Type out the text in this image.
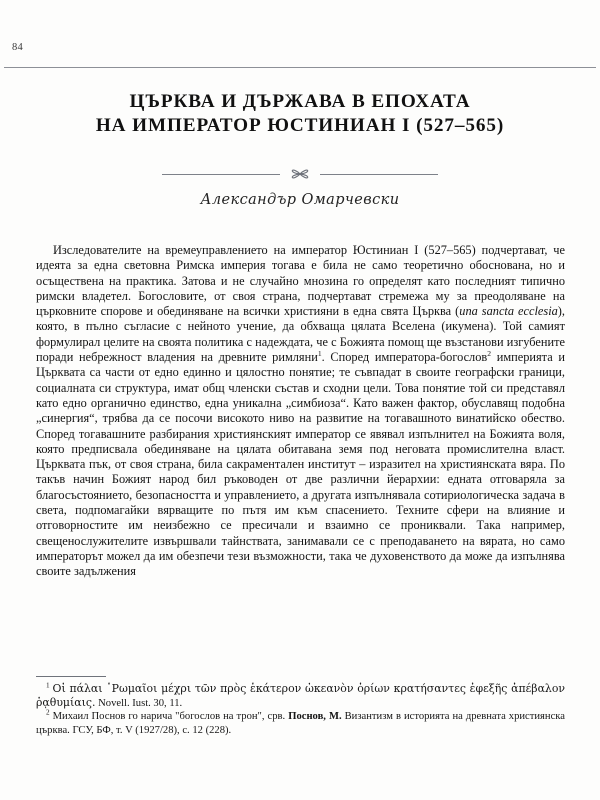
84
ЦЪРКВА И ДЪРЖАВА В ЕПОХАТА
НА ИМПЕРАТОР ЮСТИНИАН I (527–565)
Александър Омарчевски

Изследователите на времеуправлението на император Юстиниан I (527–565) подчертават, че идеята за една световна Римска империя тогава е била не само теоретично обоснована, но и осъществена на практика. Затова и не случайно мнозина го определят като последният типично римски владетел. Богословите, от своя страна, подчертават стремежа му за преодоляване на църковните спорове и обединяване на всички християни в една свята Църква (una sancta ecclesia), която, в пълно съгласие с нейното учение, да обхваща цялата Вселена (икумена). Той самият формулирал целите на своята политика с надеждата, че с Божията помощ ще възстанови изгубените поради небрежност владения на древните римляни$^1$. Според императора-богослов$^2$ империята и Църквата са части от едно единно и цялостно понятие; те съвпадат в своите географски граници, социалната си структура, имат общ членски състав и сходни цели. Това понятие той си представял като едно органично единство, една уникална „симбиоза“. Като важен фактор, обуславящ подобна „синергия“, трябва да се посочи високото ниво на развитие на тогавашното винатийско обество. Според тогавашните разбирания християнският император се явявал изпълнител на Божията воля, която предписвала обединяване на цялата обитавана земя под неговата промислителна власт. Църквата пък, от своя страна, била сакраментален институт – изразител на християнската вяра. По такъв начин Божият народ бил ръководен от две различни йерархии: едната отговаряла за благосъстоянието, безопасността и управлението, а другата изпълнявала сотириологическа задача в света, подпомагайки вярващите по пътя им към спасението. Техните сфери на влияние и отговорностите им неизбежно се пресичали и взаимно се прониквали. Така например, свещенослужителите извършвали тайнствата, занимавали се с преподаването на вярата, но само императорът можел да им обезпечи тези възможности, така че духовенството да може да изпълнява своите задължения

$^1$ Οἱ πάλαι ῾Ρωμαῖοι μέχρι τῶν πρὸς ἑκάτερον ὠκεανὸν ὁρίων κρατήσαντες ἐφεξῆς ἀπέβαλον ῥᾳθυμίαις. Novell. Iust. 30, 11.

$^2$ Михаил Поснов го нарича "богослов на трон", срв. Поснов, М. Византизм в историята на древната християнска църква. ГСУ, БФ, т. V (1927/28), с. 12 (228).
